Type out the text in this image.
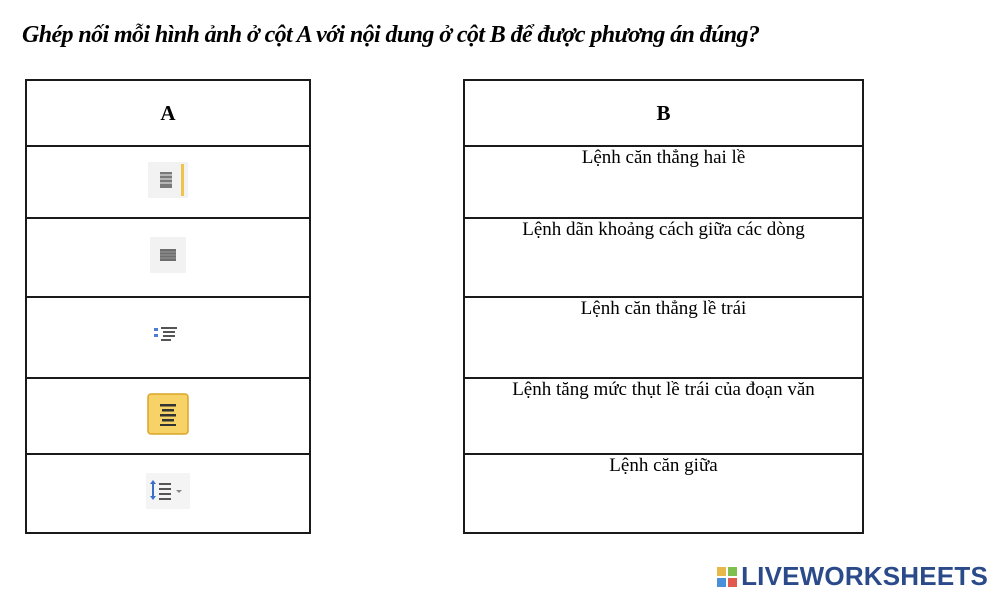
Ghép nối mỗi hình ảnh ở cột A với nội dung ở cột B để được phương án đúng?
A	B
Lệnh căn thẳng hai lề
Lệnh dãn khoảng cách giữa các dòng
Lệnh căn thẳng lề trái
Lệnh tăng mức thụt lề trái của đoạn văn
Lệnh căn giữa
LIVEWORKSHEETS
